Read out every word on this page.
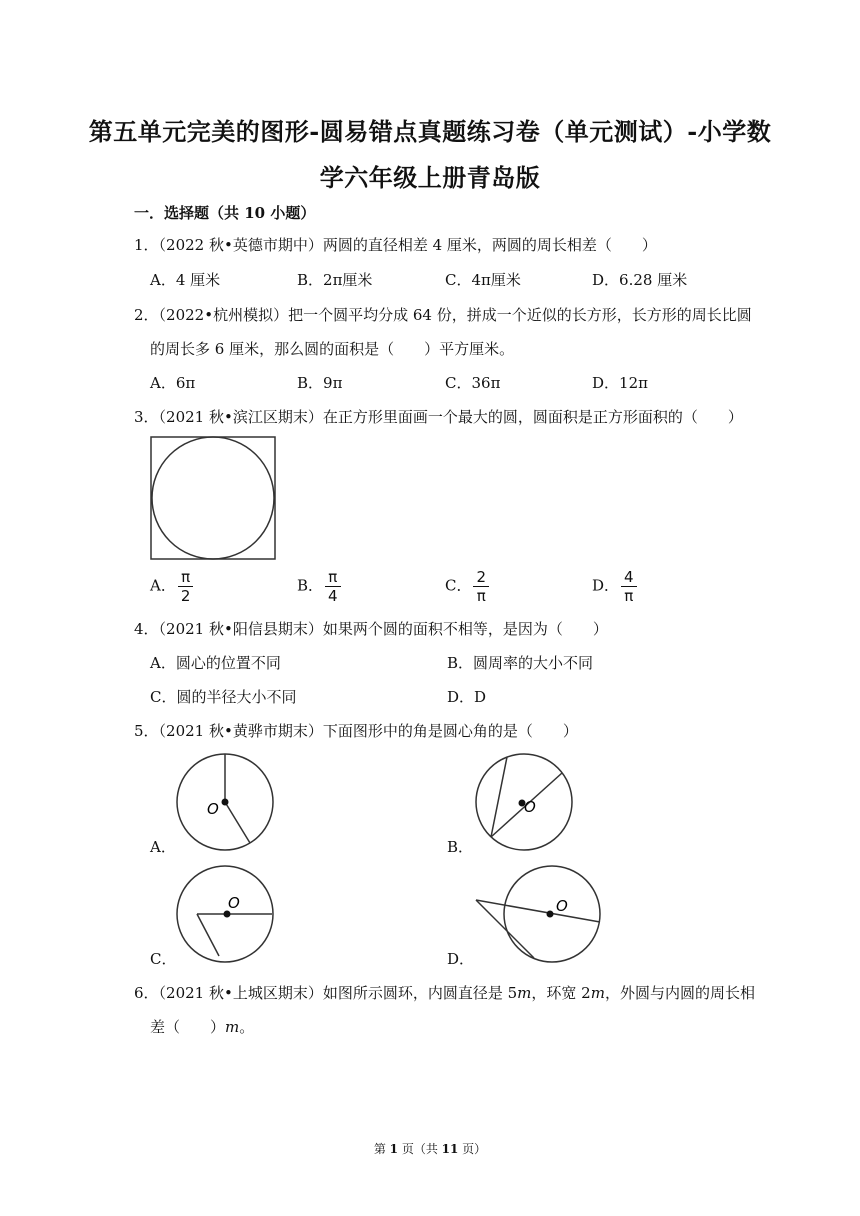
第五单元完美的图形-圆易错点真题练习卷（单元测试）-小学数
学六年级上册青岛版
一．选择题（共 10 小题）
1．（2022 秋•英德市期中）两圆的直径相差 4 厘米，两圆的周长相差（　　）
A．4 厘米	B．2π厘米	C．4π厘米	D．6.28 厘米
2．（2022•杭州模拟）把一个圆平均分成 64 份，拼成一个近似的长方形，长方形的周长比圆
的周长多 6 厘米，那么圆的面积是（　　）平方厘米。
A．6π	B．9π	C．36π	D．12π
3．（2021 秋•滨江区期末）在正方形里面画一个最大的圆，圆面积是正方形面积的（　　）
A． $\frac{\pi}{2}$	B． $\frac{\pi}{4}$	C． $\frac{2}{\pi}$	D． $\frac{4}{\pi}$
4．（2021 秋•阳信县期末）如果两个圆的面积不相等，是因为（　　）
A．圆心的位置不同	B．圆周率的大小不同
C．圆的半径大小不同	D．D
5．（2021 秋•黄骅市期末）下面图形中的角是圆心角的是（　　）
O
A．
O
B．
O
C．
O
D．
6．（2021 秋•上城区期末）如图所示圆环，内圆直径是 5m，环宽 2m，外圆与内圆的周长相
差（　　）m。
第 1 页（共 11 页）
